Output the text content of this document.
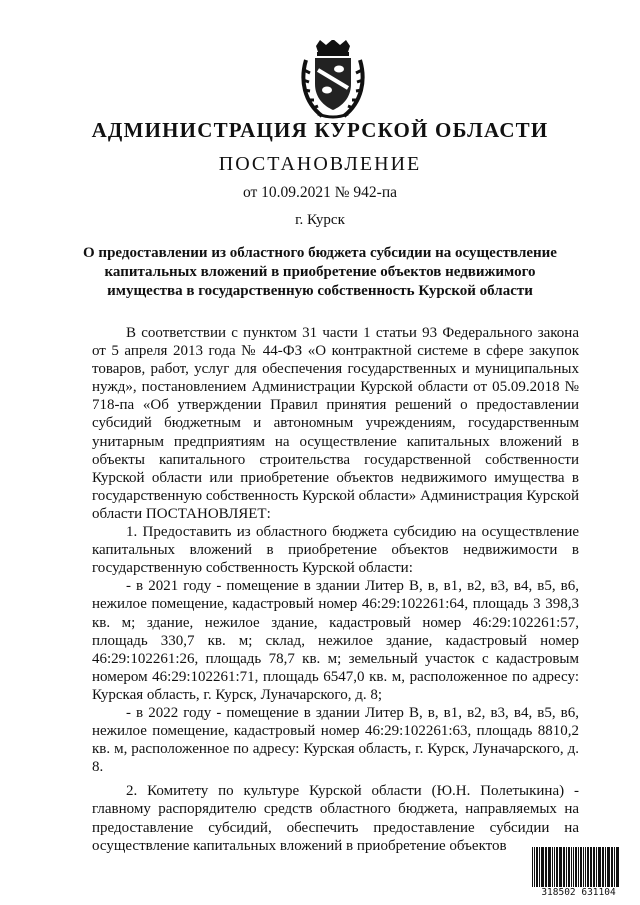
АДМИНИСТРАЦИЯ КУРСКОЙ ОБЛАСТИ
ПОСТАНОВЛЕНИЕ
от 10.09.2021 № 942-па
г. Курск
О предоставлении из областного бюджета субсидии на осуществление
капитальных вложений в приобретение объектов недвижимого
имущества в государственную собственность Курской области

В соответствии с пунктом 31 части 1 статьи 93 Федерального закона от 5 апреля 2013 года № 44-ФЗ «О контрактной системе в сфере закупок товаров, работ, услуг для обеспечения государственных и муниципальных нужд», постановлением Администрации Курской области от 05.09.2018 № 718-па «Об утверждении Правил принятия решений о предоставлении субсидий бюджетным и автономным учреждениям, государственным унитарным предприятиям на осуществление капитальных вложений в объекты капитального строительства государственной собственности Курской области или приобретение объектов недвижимого имущества в государственную собственность Курской области» Администрация Курской области ПОСТАНОВЛЯЕТ:

1. Предоставить из областного бюджета субсидию на осуществление капитальных вложений в приобретение объектов недвижимости в государственную собственность Курской области:

- в 2021 году - помещение в здании Литер В, в, в1, в2, в3, в4, в5, в6, нежилое помещение, кадастровый номер 46:29:102261:64, площадь 3 398,3 кв. м; здание, нежилое здание, кадастровый номер 46:29:102261:57, площадь 330,7 кв. м; склад, нежилое здание, кадастровый номер 46:29:102261:26, площадь 78,7 кв. м; земельный участок с кадастровым номером 46:29:102261:71, площадь 6547,0 кв. м, расположенное по адресу: Курская область, г. Курск, Луначарского, д. 8;

- в 2022 году - помещение в здании Литер В, в, в1, в2, в3, в4, в5, в6, нежилое помещение, кадастровый номер 46:29:102261:63, площадь 8810,2 кв. м, расположенное по адресу: Курская область, г. Курск, Луначарского, д. 8.

2. Комитету по культуре Курской области (Ю.Н. Полетыкина) - главному распорядителю средств областного бюджета, направляемых на предоставление субсидий, обеспечить предоставление субсидии на осуществление капитальных вложений в приобретение объектов

318502 631104
